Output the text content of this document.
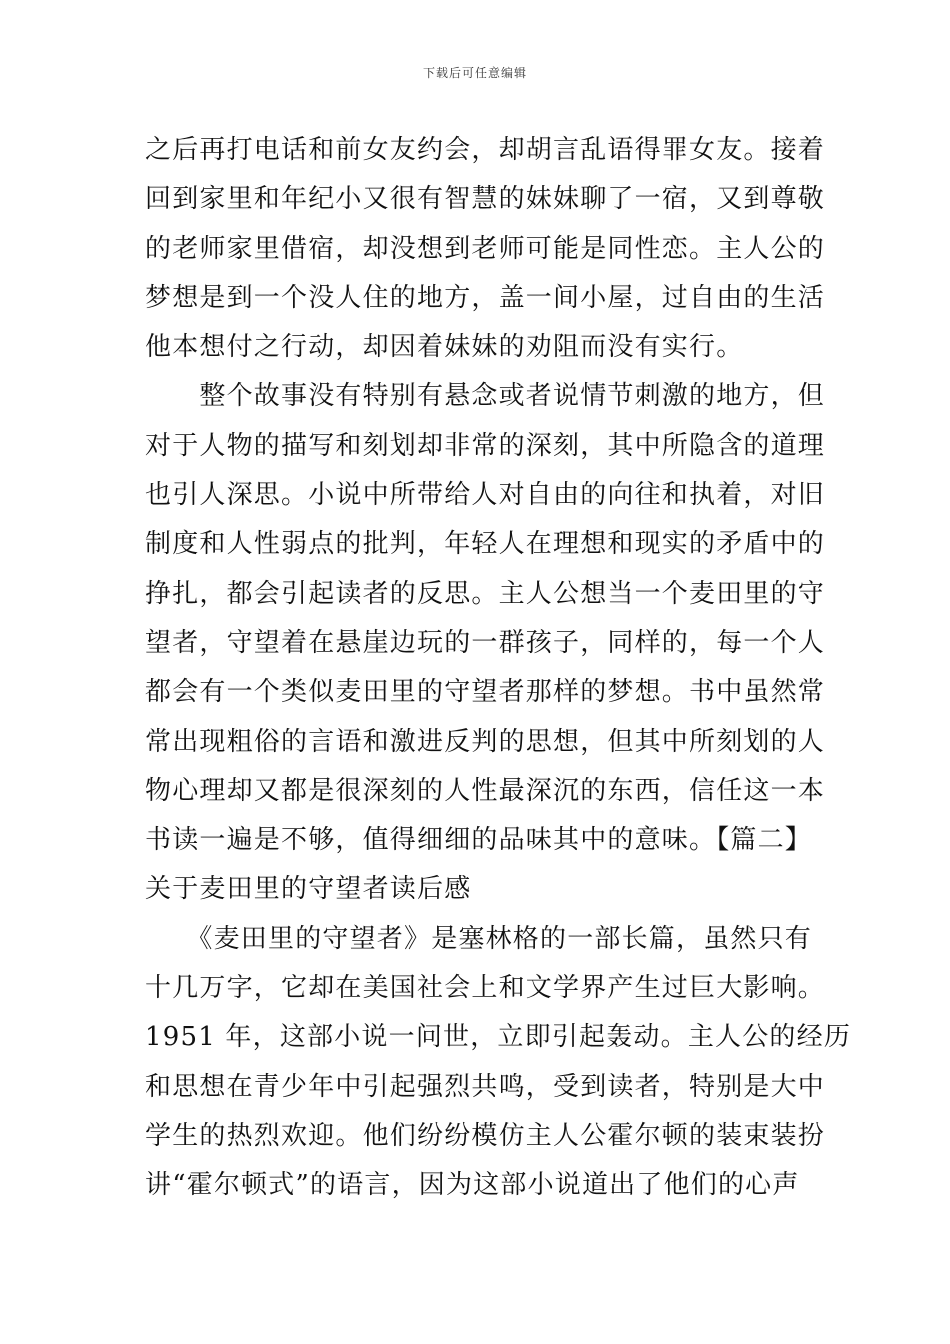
下载后可任意编辑
之后再打电话和前女友约会，却胡言乱语得罪女友。接着
回到家里和年纪小又很有智慧的妹妹聊了一宿，又到尊敬
的老师家里借宿，却没想到老师可能是同性恋。主人公的
梦想是到一个没人住的地方，盖一间小屋，过自由的生活
他本想付之行动，却因着妹妹的劝阻而没有实行。
　　整个故事没有特别有悬念或者说情节刺激的地方，但
对于人物的描写和刻划却非常的深刻，其中所隐含的道理
也引人深思。小说中所带给人对自由的向往和执着，对旧
制度和人性弱点的批判，年轻人在理想和现实的矛盾中的
挣扎，都会引起读者的反思。主人公想当一个麦田里的守
望者，守望着在悬崖边玩的一群孩子，同样的，每一个人
都会有一个类似麦田里的守望者那样的梦想。书中虽然常
常出现粗俗的言语和激进反判的思想，但其中所刻划的人
物心理却又都是很深刻的人性最深沉的东西，信任这一本
书读一遍是不够，值得细细的品味其中的意味。【篇二】
关于麦田里的守望者读后感
　　《麦田里的守望者》是塞林格的一部长篇，虽然只有
十几万字，它却在美国社会上和文学界产生过巨大影响。
1951 年，这部小说一问世，立即引起轰动。主人公的经历
和思想在青少年中引起强烈共鸣，受到读者，特别是大中
学生的热烈欢迎。他们纷纷模仿主人公霍尔顿的装束装扮
讲“霍尔顿式”的语言，因为这部小说道出了他们的心声
